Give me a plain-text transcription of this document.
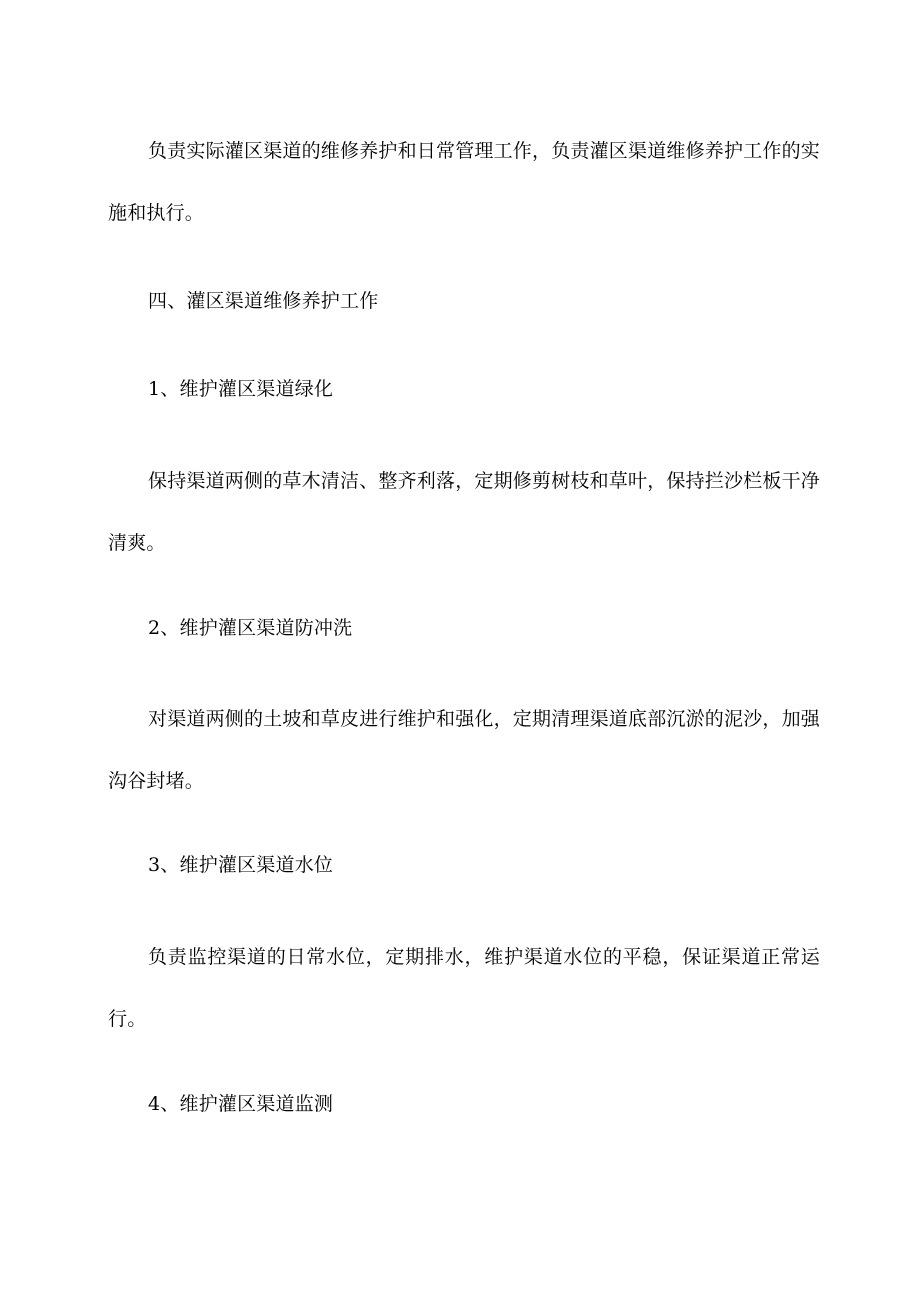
负责实际灌区渠道的维修养护和日常管理工作，负责灌区渠道维修养护工作的实施和执行。

四、灌区渠道维修养护工作

1、维护灌区渠道绿化

保持渠道两侧的草木清洁、整齐利落，定期修剪树枝和草叶，保持拦沙栏板干净清爽。

2、维护灌区渠道防冲洗

对渠道两侧的土坡和草皮进行维护和强化，定期清理渠道底部沉淤的泥沙，加强沟谷封堵。

3、维护灌区渠道水位

负责监控渠道的日常水位，定期排水，维护渠道水位的平稳，保证渠道正常运行。

4、维护灌区渠道监测
